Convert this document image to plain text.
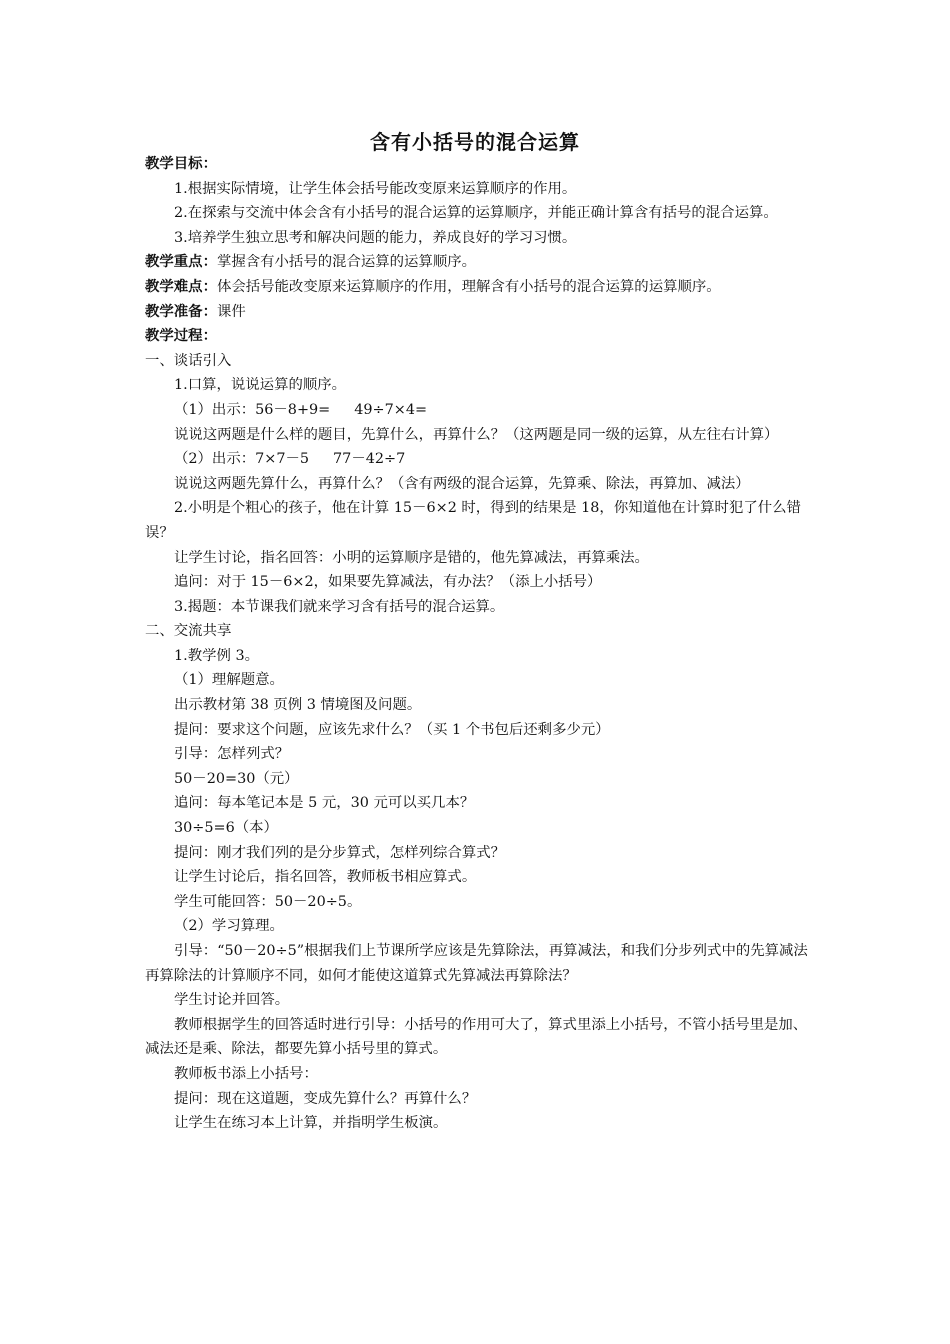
含有小括号的混合运算

教学目标：

1.根据实际情境，让学生体会括号能改变原来运算顺序的作用。

2.在探索与交流中体会含有小括号的混合运算的运算顺序，并能正确计算含有括号的混合运算。

3.培养学生独立思考和解决问题的能力，养成良好的学习习惯。

教学重点：掌握含有小括号的混合运算的运算顺序。

教学难点：体会括号能改变原来运算顺序的作用，理解含有小括号的混合运算的运算顺序。

教学准备：课件

教学过程：

一、谈话引入

1.口算，说说运算的顺序。

（1）出示：56－8+9= 49÷7×4=

说说这两题是什么样的题目，先算什么，再算什么？（这两题是同一级的运算，从左往右计算）

（2）出示：7×7－5 77－42÷7

说说这两题先算什么，再算什么？（含有两级的混合运算，先算乘、除法，再算加、减法）

2.小明是个粗心的孩子，他在计算 15－6×2 时，得到的结果是 18，你知道他在计算时犯了什么错误？

让学生讨论，指名回答：小明的运算顺序是错的，他先算减法，再算乘法。

追问：对于 15－6×2，如果要先算减法，有办法？（添上小括号）

3.揭题：本节课我们就来学习含有括号的混合运算。

二、交流共享

1.教学例 3。

（1）理解题意。

出示教材第 38 页例 3 情境图及问题。

提问：要求这个问题，应该先求什么？（买 1 个书包后还剩多少元）

引导：怎样列式？

50－20=30（元）

追问：每本笔记本是 5 元，30 元可以买几本？

30÷5=6（本）

提问：刚才我们列的是分步算式，怎样列综合算式？

让学生讨论后，指名回答，教师板书相应算式。

学生可能回答：50－20÷5。

（2）学习算理。

引导：“50－20÷5”根据我们上节课所学应该是先算除法，再算减法，和我们分步列式中的先算减法再算除法的计算顺序不同，如何才能使这道算式先算减法再算除法？

学生讨论并回答。

教师根据学生的回答适时进行引导：小括号的作用可大了，算式里添上小括号，不管小括号里是加、减法还是乘、除法，都要先算小括号里的算式。

教师板书添上小括号：

提问：现在这道题，变成先算什么？再算什么？

让学生在练习本上计算，并指明学生板演。
